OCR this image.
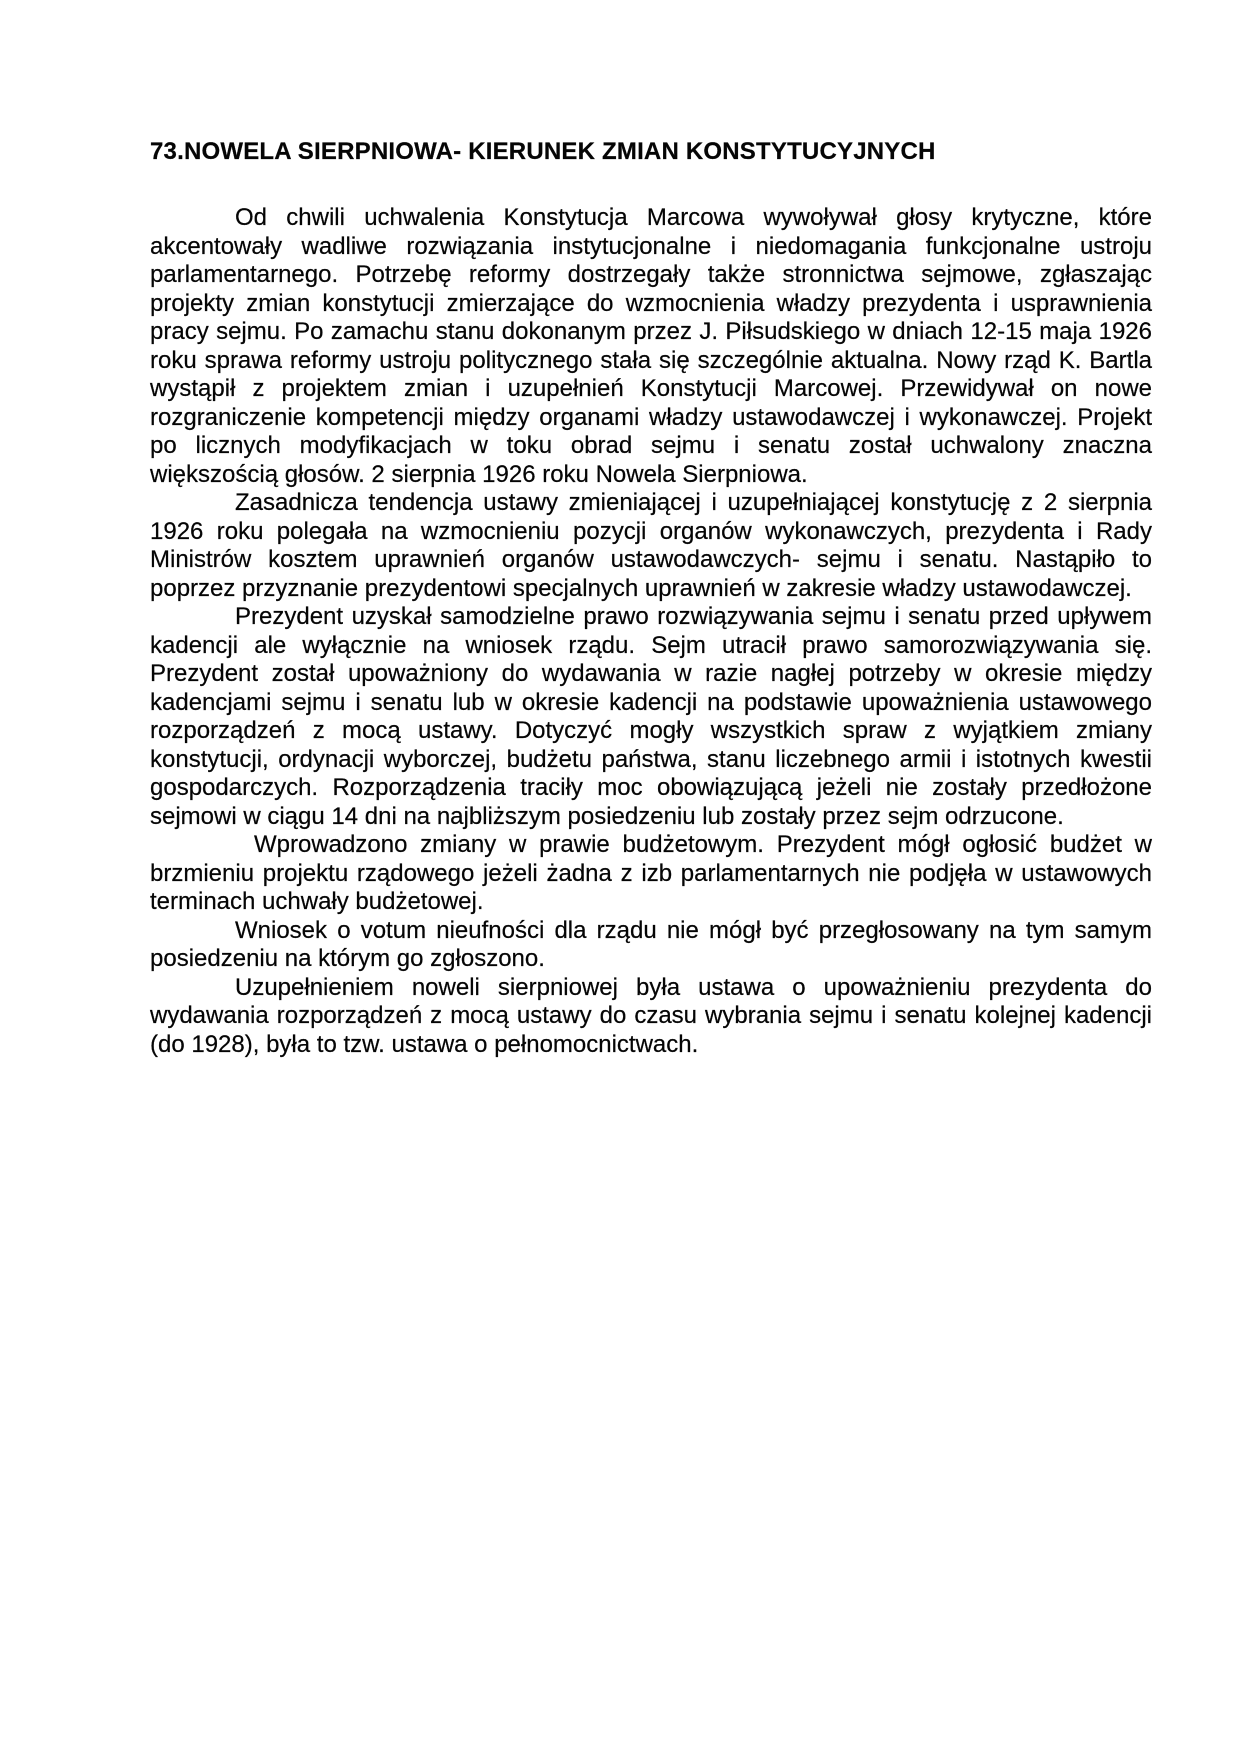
73.NOWELA SIERPNIOWA- KIERUNEK ZMIAN KONSTYTUCYJNYCH

Od chwili uchwalenia Konstytucja Marcowa wywoływał głosy krytyczne, które akcentowały wadliwe rozwiązania instytucjonalne i niedomagania funkcjonalne ustroju parlamentarnego. Potrzebę reformy dostrzegały także stronnictwa sejmowe, zgłaszając projekty zmian konstytucji zmierzające do wzmocnienia władzy prezydenta i usprawnienia pracy sejmu. Po zamachu stanu dokonanym przez J. Piłsudskiego w dniach 12-15 maja 1926 roku sprawa reformy ustroju politycznego stała się szczególnie aktualna. Nowy rząd K. Bartla wystąpił z projektem zmian i uzupełnień Konstytucji Marcowej. Przewidywał on nowe rozgraniczenie kompetencji między organami władzy ustawodawczej i wykonawczej. Projekt po licznych modyfikacjach w toku obrad sejmu i senatu został uchwalony znaczna większością głosów. 2 sierpnia 1926 roku Nowela Sierpniowa.

Zasadnicza tendencja ustawy zmieniającej i uzupełniającej konstytucję z 2 sierpnia 1926 roku polegała na wzmocnieniu pozycji organów wykonawczych, prezydenta i Rady Ministrów kosztem uprawnień organów ustawodawczych- sejmu i senatu. Nastąpiło to poprzez przyznanie prezydentowi specjalnych uprawnień w zakresie władzy ustawodawczej.

Prezydent uzyskał samodzielne prawo rozwiązywania sejmu i senatu przed upływem kadencji ale wyłącznie na wniosek rządu. Sejm utracił prawo samorozwiązywania się. Prezydent został upoważniony do wydawania w razie nagłej potrzeby w okresie między kadencjami sejmu i senatu lub w okresie kadencji na podstawie upoważnienia ustawowego rozporządzeń z mocą ustawy. Dotyczyć mogły wszystkich spraw z wyjątkiem zmiany konstytucji, ordynacji wyborczej, budżetu państwa, stanu liczebnego armii i istotnych kwestii gospodarczych. Rozporządzenia traciły moc obowiązującą jeżeli nie zostały przedłożone sejmowi w ciągu 14 dni na najbliższym posiedzeniu lub zostały przez sejm odrzucone.

Wprowadzono zmiany w prawie budżetowym. Prezydent mógł ogłosić budżet w brzmieniu projektu rządowego jeżeli żadna z izb parlamentarnych nie podjęła w ustawowych terminach uchwały budżetowej.

Wniosek o votum nieufności dla rządu nie mógł być przegłosowany na tym samym posiedzeniu na którym go zgłoszono.

Uzupełnieniem noweli sierpniowej była ustawa o upoważnieniu prezydenta do wydawania rozporządzeń z mocą ustawy do czasu wybrania sejmu i senatu kolejnej kadencji (do 1928), była to tzw. ustawa o pełnomocnictwach.
